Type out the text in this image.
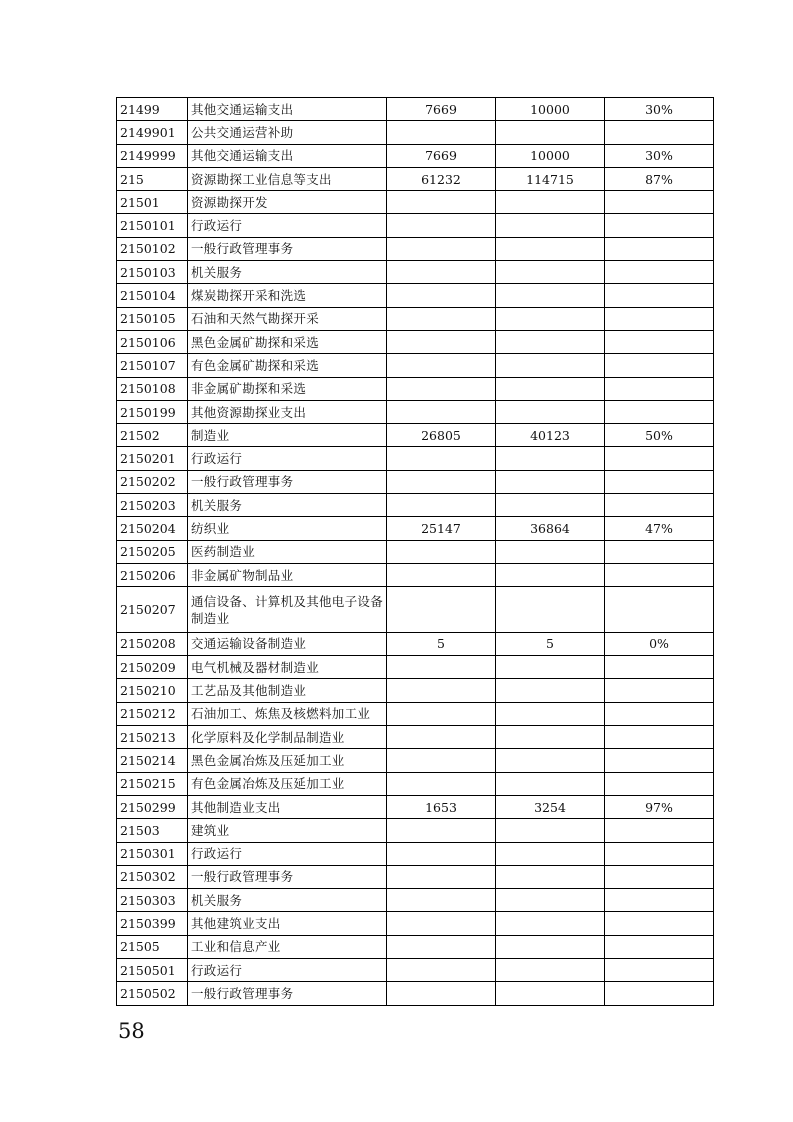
21499	其他交通运输支出	7669	10000	30%
2149901	公共交通运营补助			
2149999	其他交通运输支出	7669	10000	30%
215	资源勘探工业信息等支出	61232	114715	87%
21501	资源勘探开发			
2150101	行政运行			
2150102	一般行政管理事务			
2150103	机关服务			
2150104	煤炭勘探开采和洗选			
2150105	石油和天然气勘探开采			
2150106	黑色金属矿勘探和采选			
2150107	有色金属矿勘探和采选			
2150108	非金属矿勘探和采选			
2150199	其他资源勘探业支出			
21502	制造业	26805	40123	50%
2150201	行政运行			
2150202	一般行政管理事务			
2150203	机关服务			
2150204	纺织业	25147	36864	47%
2150205	医药制造业			
2150206	非金属矿物制品业			
2150207	通信设备、计算机及其他电子设备制造业			
2150208	交通运输设备制造业	5	5	0%
2150209	电气机械及器材制造业			
2150210	工艺品及其他制造业			
2150212	石油加工、炼焦及核燃料加工业			
2150213	化学原料及化学制品制造业			
2150214	黑色金属冶炼及压延加工业			
2150215	有色金属冶炼及压延加工业			
2150299	其他制造业支出	1653	3254	97%
21503	建筑业			
2150301	行政运行			
2150302	一般行政管理事务			
2150303	机关服务			
2150399	其他建筑业支出			
21505	工业和信息产业			
2150501	行政运行			
2150502	一般行政管理事务			
58
